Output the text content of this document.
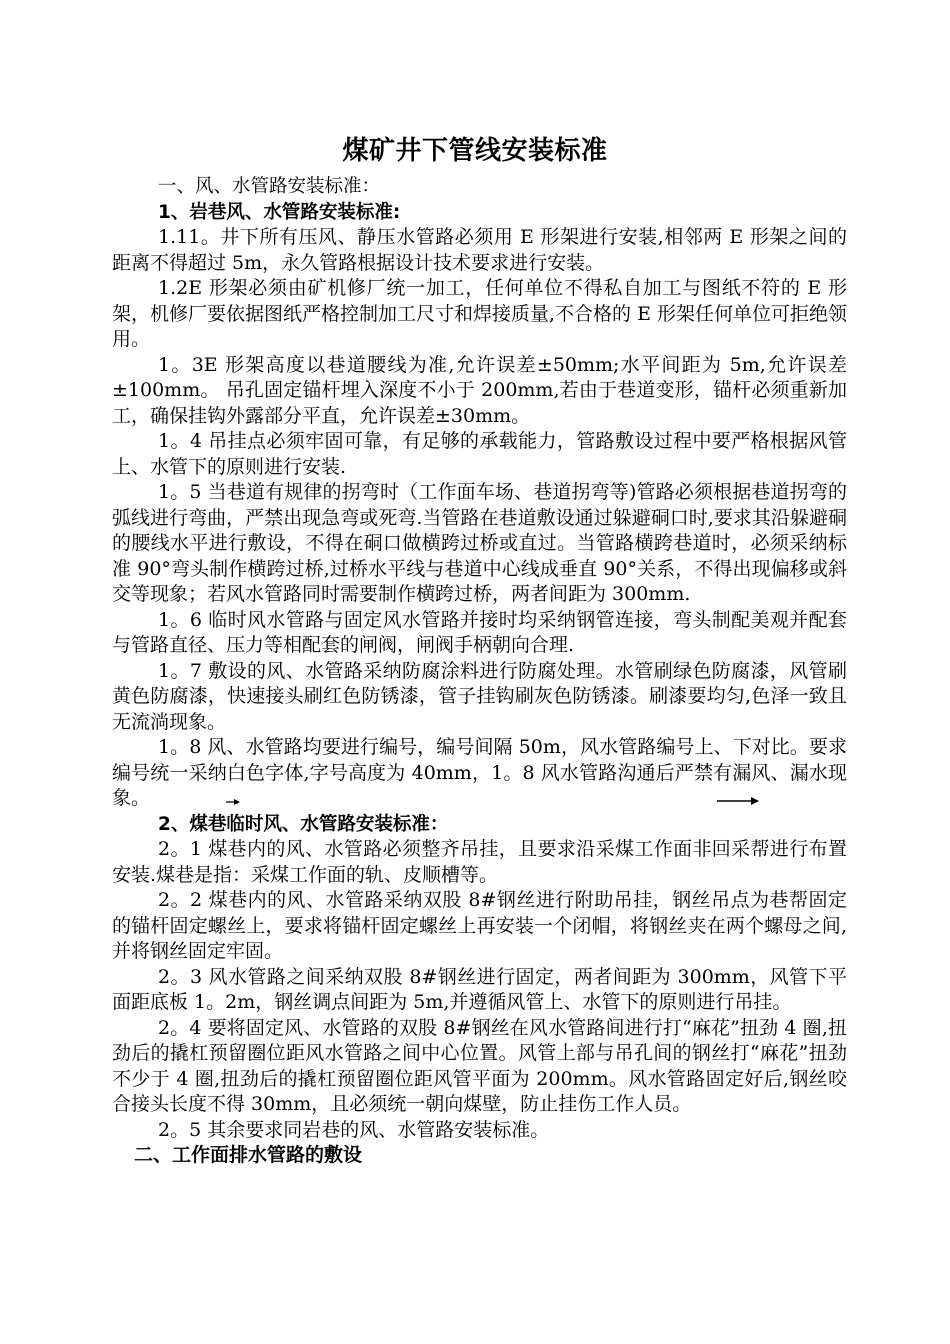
煤矿井下管线安装标准

一、风、水管路安装标准：

1、岩巷风、水管路安装标准:

1.11。井下所有压风、静压水管路必须用 E 形架进行安装,相邻两 E 形架之间的距离不得超过 5m，永久管路根据设计技术要求进行安装。

1.2E 形架必须由矿机修厂统一加工，任何单位不得私自加工与图纸不符的 E 形架，机修厂要依据图纸严格控制加工尺寸和焊接质量,不合格的 E 形架任何单位可拒绝领用。

1。3E 形架高度以巷道腰线为准,允许误差±50mm;水平间距为 5m,允许误差±100mm。 吊孔固定锚杆埋入深度不小于 200mm,若由于巷道变形，锚杆必须重新加工，确保挂钩外露部分平直，允许误差±30mm。

1。4 吊挂点必须牢固可靠，有足够的承载能力，管路敷设过程中要严格根据风管上、水管下的原则进行安装.

1。5 当巷道有规律的拐弯时（工作面车场、巷道拐弯等)管路必须根据巷道拐弯的弧线进行弯曲，严禁出现急弯或死弯.当管路在巷道敷设通过躲避硐口时,要求其沿躲避硐的腰线水平进行敷设，不得在硐口做横跨过桥或直过。当管路横跨巷道时，必须采纳标准 90°弯头制作横跨过桥,过桥水平线与巷道中心线成垂直 90°关系，不得出现偏移或斜交等现象；若风水管路同时需要制作横跨过桥，两者间距为 300mm.

1。6 临时风水管路与固定风水管路并接时均采纳钢管连接，弯头制配美观并配套与管路直径、压力等相配套的闸阀，闸阀手柄朝向合理.

1。7 敷设的风、水管路采纳防腐涂料进行防腐处理。水管刷绿色防腐漆，风管刷黄色防腐漆，快速接头刷红色防锈漆，管子挂钩刷灰色防锈漆。刷漆要均匀,色泽一致且无流淌现象。

1。8 风、水管路均要进行编号，编号间隔 50m，风水管路编号上、下对比。要求编号统一采纳白色字体,字号高度为 40mm，1。8 风水管路沟通后严禁有漏风、漏水现象。

2、煤巷临时风、水管路安装标准：

2。1 煤巷内的风、水管路必须整齐吊挂，且要求沿采煤工作面非回采帮进行布置安装.煤巷是指：采煤工作面的轨、皮顺槽等。

2。2 煤巷内的风、水管路采纳双股 8#钢丝进行附助吊挂，钢丝吊点为巷帮固定的锚杆固定螺丝上，要求将锚杆固定螺丝上再安装一个闭帽，将钢丝夹在两个螺母之间,并将钢丝固定牢固。

2。3 风水管路之间采纳双股 8#钢丝进行固定，两者间距为 300mm，风管下平面距底板 1。2m，钢丝调点间距为 5m,并遵循风管上、水管下的原则进行吊挂。

2。4 要将固定风、水管路的双股 8#钢丝在风水管路间进行打“麻花”扭劲 4 圈,扭劲后的撬杠预留圈位距风水管路之间中心位置。风管上部与吊孔间的钢丝打“麻花”扭劲不少于 4 圈,扭劲后的撬杠预留圈位距风管平面为 200mm。风水管路固定好后,钢丝咬合接头长度不得 30mm，且必须统一朝向煤壁，防止挂伤工作人员。

2。5 其余要求同岩巷的风、水管路安装标准。

二、工作面排水管路的敷设
